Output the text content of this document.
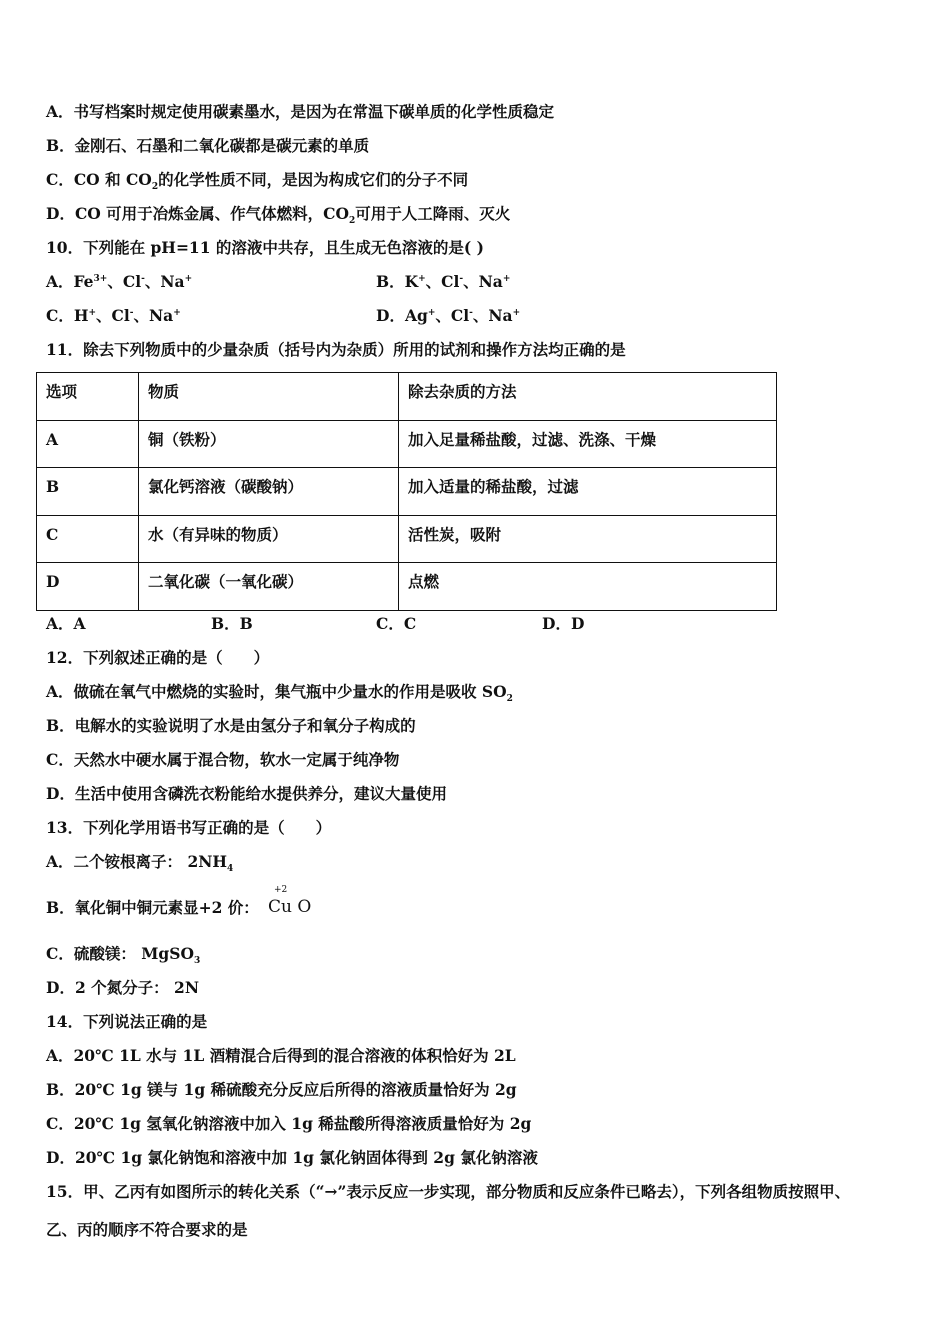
A．书写档案时规定使用碳素墨水，是因为在常温下碳单质的化学性质稳定
B．金刚石、石墨和二氧化碳都是碳元素的单质
C．CO 和 $CO_2$的化学性质不同，是因为构成它们的分子不同
D．CO 可用于冶炼金属、作气体燃料，$CO_2$可用于人工降雨、灭火
10．下列能在 pH=11 的溶液中共存，且生成无色溶液的是( )
A．$Fe^{3+}$、Cl-、Na+	B．K+、Cl-、Na+
C．H+、Cl-、Na+	D．Ag+、Cl-、Na+
11．除去下列物质中的少量杂质（括号内为杂质）所用的试剂和操作方法均正确的是
选项	物质	除去杂质的方法
A	铜（铁粉）	加入足量稀盐酸，过滤、洗涤、干燥
B	氯化钙溶液（碳酸钠）	加入适量的稀盐酸，过滤
C	水（有异味的物质）	活性炭，吸附
D	二氧化碳（一氧化碳）	点燃
A．A	B．B	C．C	D．D
12．下列叙述正确的是（　　）
A．做硫在氧气中燃烧的实验时，集气瓶中少量水的作用是吸收 $SO_2$
B．电解水的实验说明了水是由氢分子和氧分子构成的
C．天然水中硬水属于混合物，软水一定属于纯净物
D．生活中使用含磷洗衣粉能给水提供养分，建议大量使用
13．下列化学用语书写正确的是（　　）
A．二个铵根离子： $2NH_4$
B．氧化铜中铜元素显+2 价：
+2
Cu O
C．硫酸镁： MgSO$_3$
D．2 个氮分子： 2N
14．下列说法正确的是
A．20℃ 1L 水与 1L 酒精混合后得到的混合溶液的体积恰好为 2L
B．20℃ 1g 镁与 1g 稀硫酸充分反应后所得的溶液质量恰好为 2g
C．20℃ 1g 氢氧化钠溶液中加入 1g 稀盐酸所得溶液质量恰好为 2g
D．20℃ 1g 氯化钠饱和溶液中加 1g 氯化钠固体得到 2g 氯化钠溶液
15．甲、乙丙有如图所示的转化关系（“→”表示反应一步实现，部分物质和反应条件已略去），下列各组物质按照甲、
乙、丙的顺序不符合要求的是
